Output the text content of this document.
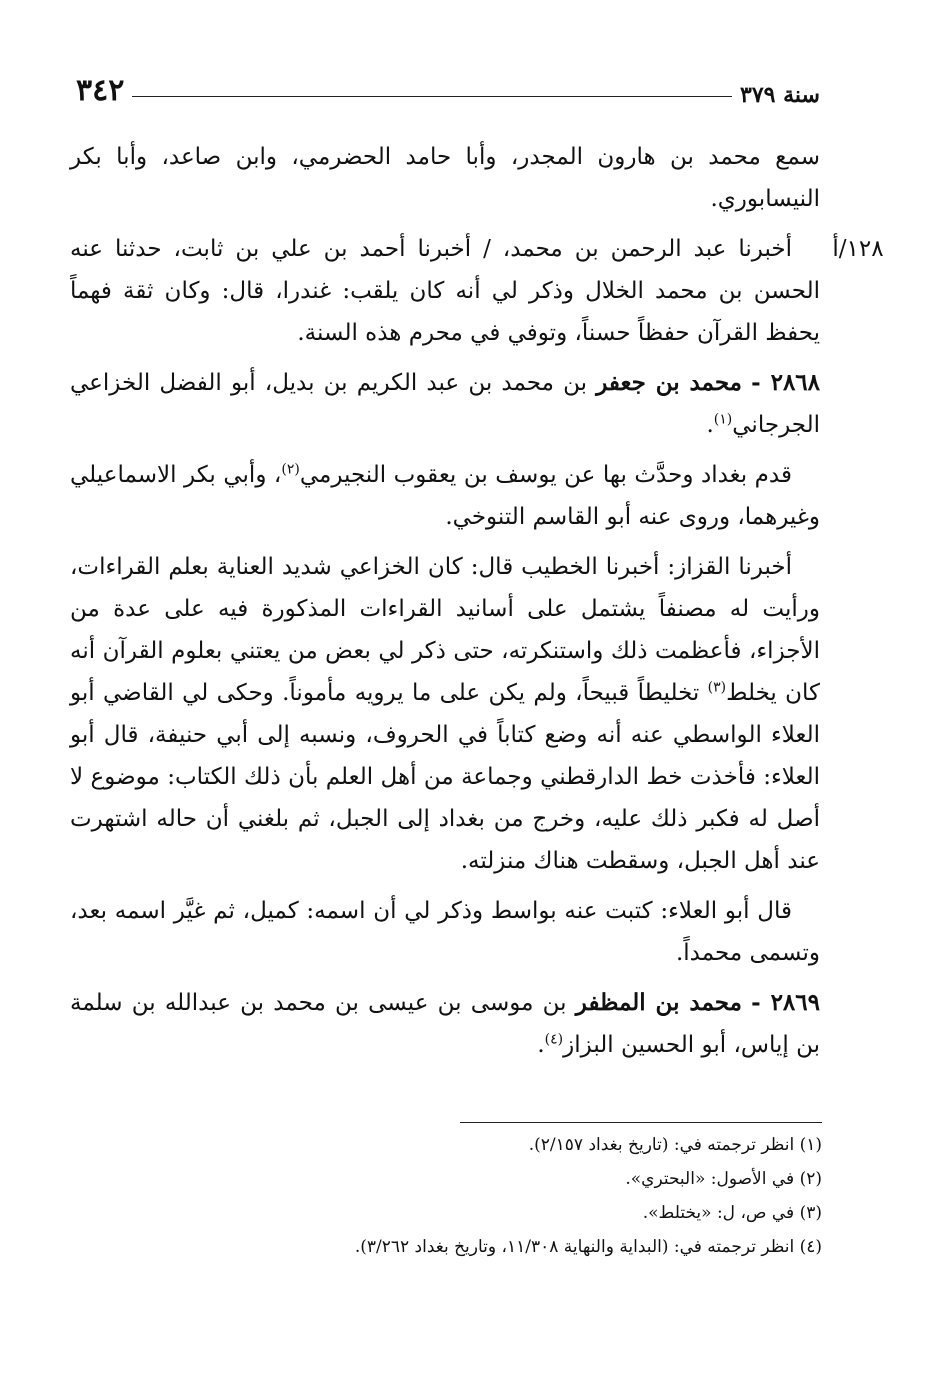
٣٤٢	سنة ٣٧٩
١٢٨/أ

سمع محمد بن هارون المجدر، وأبا حامد الحضرمي، وابن صاعد، وأبا بكر النيسابوري.

أخبرنا عبد الرحمن بن محمد، / أخبرنا أحمد بن علي بن ثابت، حدثنا عنه الحسن بن محمد الخلال وذكر لي أنه كان يلقب: غندرا، قال: وكان ثقة فهماً يحفظ القرآن حفظاً حسناً، وتوفي في محرم هذه السنة.

٢٨٦٨ - محمد بن جعفر بن محمد بن عبد الكريم بن بديل، أبو الفضل الخزاعي الجرجاني$^{(١)}$.

قدم بغداد وحدَّث بها عن يوسف بن يعقوب النجيرمي$^{(٢)}$، وأبي بكر الاسماعيلي وغيرهما، وروى عنه أبو القاسم التنوخي.

أخبرنا القزاز: أخبرنا الخطيب قال: كان الخزاعي شديد العناية بعلم القراءات، ورأيت له مصنفاً يشتمل على أسانيد القراءات المذكورة فيه على عدة من الأجزاء، فأعظمت ذلك واستنكرته، حتى ذكر لي بعض من يعتني بعلوم القرآن أنه كان يخلط$^{(٣)}$ تخليطاً قبيحاً، ولم يكن على ما يرويه مأموناً. وحكى لي القاضي أبو العلاء الواسطي عنه أنه وضع كتاباً في الحروف، ونسبه إلى أبي حنيفة، قال أبو العلاء: فأخذت خط الدارقطني وجماعة من أهل العلم بأن ذلك الكتاب: موضوع لا أصل له فكبر ذلك عليه، وخرج من بغداد إلى الجبل، ثم بلغني أن حاله اشتهرت عند أهل الجبل، وسقطت هناك منزلته.

قال أبو العلاء: كتبت عنه بواسط وذكر لي أن اسمه: كميل، ثم غيَّر اسمه بعد، وتسمى محمداً.

٢٨٦٩ - محمد بن المظفر بن موسى بن عيسى بن محمد بن عبدالله بن سلمة بن إياس، أبو الحسين البزاز$^{(٤)}$.

(١) انظر ترجمته في: (تاريخ بغداد ٢/١٥٧).

(٢) في الأصول: «البحتري».

(٣) في ص، ل: «يختلط».

(٤) انظر ترجمته في: (البداية والنهاية ١١/٣٠٨، وتاريخ بغداد ٣/٢٦٢).
